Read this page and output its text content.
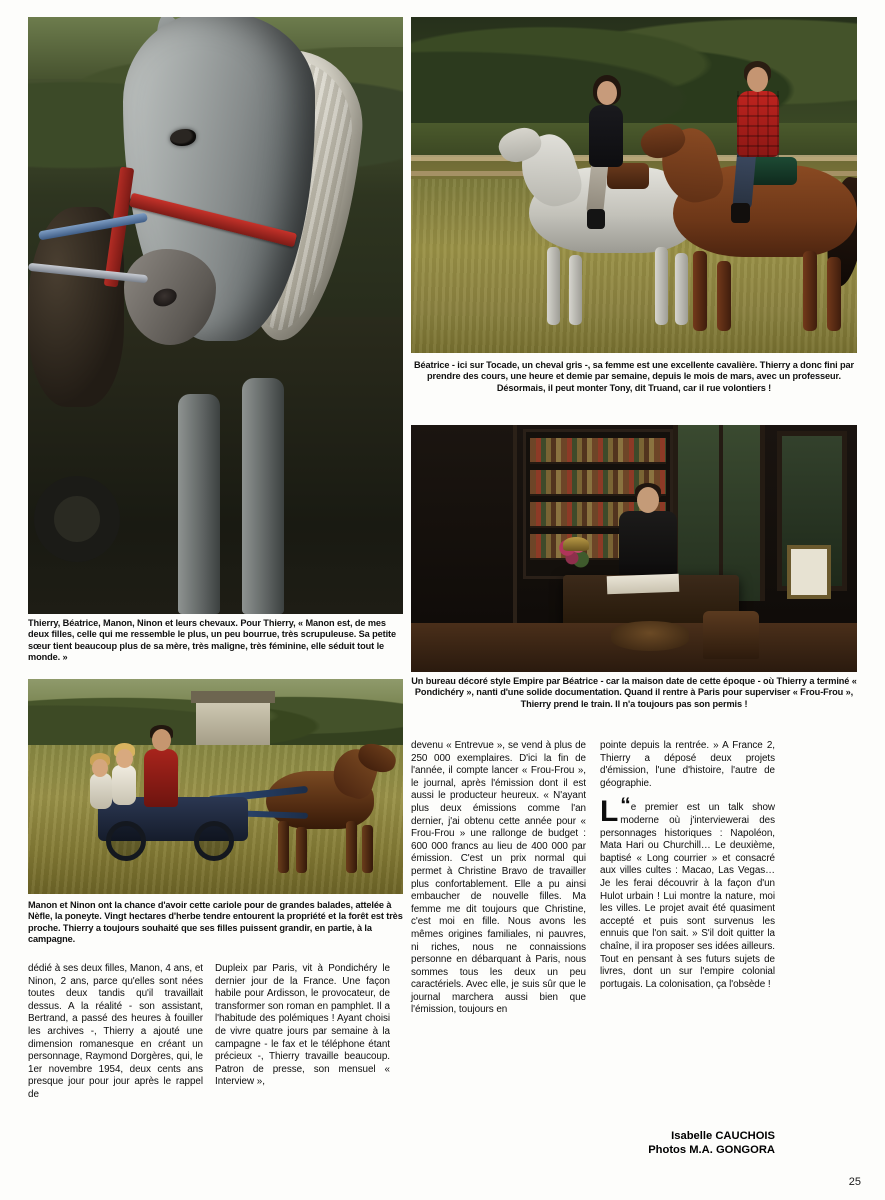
Thierry, Béatrice, Manon, Ninon et leurs chevaux. Pour Thierry, « Manon est, de mes deux filles, celle qui me ressemble le plus, un peu bourrue, très scrupuleuse. Sa petite sœur tient beaucoup plus de sa mère, très maligne, très féminine, elle séduit tout le monde. »
Béatrice - ici sur Tocade, un cheval gris -, sa femme est une excellente cavalière. Thierry a donc fini par prendre des cours, une heure et demie par semaine, depuis le mois de mars, avec un professeur. Désormais, il peut monter Tony, dit Truand, car il rue volontiers !
Un bureau décoré style Empire par Béatrice - car la maison date de cette époque - où Thierry a terminé « Pondichéry », nanti d'une solide documentation. Quand il rentre à Paris pour superviser « Frou-Frou », Thierry prend le train. Il n'a toujours pas son permis !
Manon et Ninon ont la chance d'avoir cette cariole pour de grandes balades, attelée à Nèfle, la poneyte. Vingt hectares d'herbe tendre entourent la propriété et la forêt est très proche. Thierry a toujours souhaité que ses filles puissent grandir, en partie, à la campagne.

dédié à ses deux filles, Manon, 4 ans, et Ninon, 2 ans, parce qu'elles sont nées toutes deux tandis qu'il travaillait dessus. A la réalité - son assistant, Bertrand, a passé des heures à fouiller les archives -, Thierry a ajouté une dimension romanesque en créant un personnage, Raymond Dorgères, qui, le 1er novembre 1954, deux cents ans presque jour pour jour après le rappel de

Dupleix par Paris, vit à Pondichéry le dernier jour de la France. Une façon habile pour Ardisson, le provocateur, de transformer son roman en pamphlet. Il a l'habitude des polémiques ! Ayant choisi de vivre quatre jours par semaine à la campagne - le fax et le téléphone étant précieux -, Thierry travaille beaucoup. Patron de presse, son mensuel « Interview »,

devenu « Entrevue », se vend à plus de 250 000 exemplaires. D'ici la fin de l'année, il compte lancer « Frou-Frou », le journal, après l'émission dont il est aussi le producteur heureux. « N'ayant plus deux émissions comme l'an dernier, j'ai obtenu cette année pour « Frou-Frou » une rallonge de budget : 600 000 francs au lieu de 400 000 par émission. C'est un prix normal qui permet à Christine Bravo de travailler plus confortablement. Elle a pu ainsi embaucher de nouvelle filles. Ma femme me dit toujours que Christine, c'est moi en fille. Nous avons les mêmes origines familiales, ni pauvres, ni riches, nous ne connaissions personne en débarquant à Paris, nous sommes tous les deux un peu caractériels. Avec elle, je suis sûr que le journal marchera aussi bien que l'émission, toujours en

pointe depuis la rentrée. » A France 2, Thierry a déposé deux projets d'émission, l'une d'histoire, l'autre de géographie.

“
L e premier est un talk show moderne où j'interviewerai des personnages historiques : Napoléon, Mata Hari ou Churchill… Le deuxième, baptisé « Long courrier » et consacré aux villes cultes : Macao, Las Vegas… Je les ferai découvrir à la façon d'un Hulot urbain ! Lui montre la nature, moi les villes. Le projet avait été quasiment accepté et puis sont survenus les ennuis que l'on sait. » S'il doit quitter la chaîne, il ira proposer ses idées ailleurs. Tout en pensant à ses futurs sujets de livres, dont un sur l'empire colonial portugais. La colonisation, ça l'obsède !

Isabelle CAUCHOIS
Photos M.A. GONGORA
25
